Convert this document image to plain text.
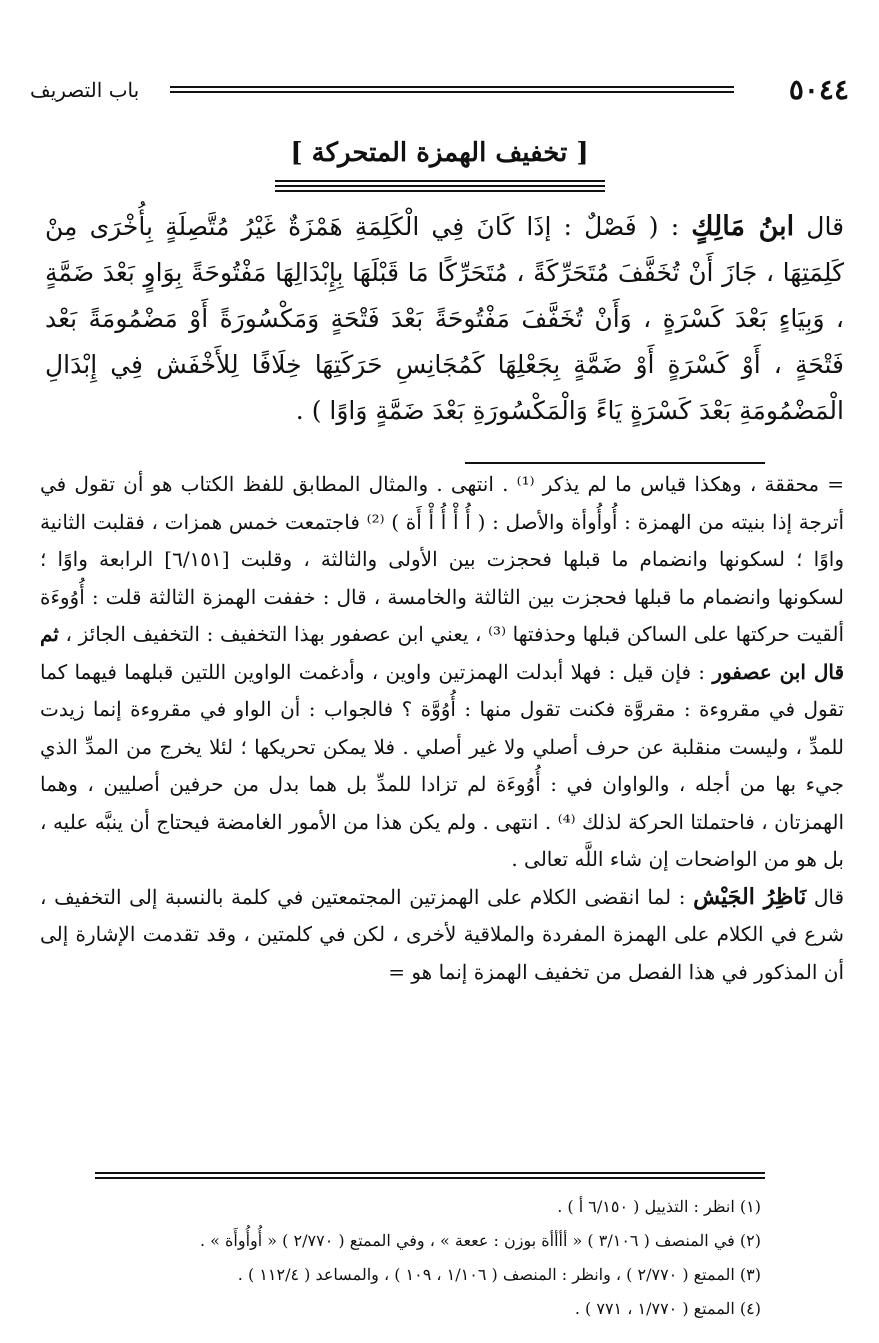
٥٠٤٤
باب التصريف
[ تخفيف الهمزة المتحركة ]
قال ابنُ مَالِكٍ : ( فَصْلٌ : إذَا كَانَ فِي الْكَلِمَةِ هَمْزَةٌ غَيْرُ مُتَّصِلَةٍ بِأُخْرَى مِنْ كَلِمَتِهَا ، جَازَ أَنْ تُخَفَّفَ مُتَحَرِّكَةً ، مُتَحَرِّكًا مَا قَبْلَهَا بِإِبْدَالِهَا مَفْتُوحَةً بِوَاوٍ بَعْدَ ضَمَّةٍ ، وَبِيَاءٍ بَعْدَ كَسْرَةٍ ، وَأَنْ تُخَفَّفَ مَفْتُوحَةً بَعْدَ فَتْحَةٍ وَمَكْسُورَةً أَوْ مَضْمُومَةً بَعْد فَتْحَةٍ ، أَوْ كَسْرَةٍ أَوْ ضَمَّةٍ بِجَعْلِهَا كَمُجَانِسِ حَرَكَتِهَا خِلَافًا لِلأَخْفَش فِي إِبْدَالِ الْمَضْمُومَةِ بَعْدَ كَسْرَةٍ يَاءً وَالْمَكْسُورَةِ بَعْدَ ضَمَّةٍ وَاوًا ) .

= محققة ، وهكذا قياس ما لم يذكر ⁽¹⁾ . انتهى . والمثال المطابق للفظ الكتاب هو أن تقول في أترجة إذا بنيته من الهمزة : أُوأُوأة والأصل : ( أُ أْ أُ أْ أَة ) ⁽²⁾ فاجتمعت خمس همزات ، فقلبت الثانية واوًا ؛ لسكونها وانضمام ما قبلها فحجزت بين الأولى والثالثة ، وقلبت [٦/١٥١] الرابعة واوًا ؛ لسكونها وانضمام ما قبلها فحجزت بين الثالثة والخامسة ، قال : خففت الهمزة الثالثة قلت : أُوُوءَة ألقيت حركتها على الساكن قبلها وحذفتها ⁽³⁾ ، يعني ابن عصفور بهذا التخفيف : التخفيف الجائز ، ثم قال ابن عصفور : فإن قيل : فهلا أبدلت الهمزتين واوين ، وأدغمت الواوين اللتين قبلهما فيهما كما تقول في مقروءة : مقروَّة فكنت تقول منها : أُوُوَّة ؟ فالجواب : أن الواو في مقروءة إنما زيدت للمدِّ ، وليست منقلبة عن حرف أصلي ولا غير أصلي . فلا يمكن تحريكها ؛ لئلا يخرج من المدِّ الذي جيء بها من أجله ، والواوان في : أُوُوءَة لم تزادا للمدِّ بل هما بدل من حرفين أصليين ، وهما الهمزتان ، فاحتملتا الحركة لذلك ⁽⁴⁾ . انتهى . ولم يكن هذا من الأمور الغامضة فيحتاج أن ينبَّه عليه ، بل هو من الواضحات إن شاء اللَّه تعالى .

قال نَاظِرُ الجَيْش : لما انقضى الكلام على الهمزتين المجتمعتين في كلمة بالنسبة إلى التخفيف ، شرع في الكلام على الهمزة المفردة والملاقية لأخرى ، لكن في كلمتين ، وقد تقدمت الإشارة إلى أن المذكور في هذا الفصل من تخفيف الهمزة إنما هو =

(١) انظر : التذييل ( ٦/١٥٠ أ ) .
(٢) في المنصف ( ٣/١٠٦ ) « أأأأة بوزن : عععة » ، وفي الممتع ( ٢/٧٧٠ ) « أُوأُوأَة » .
(٣) الممتع ( ٢/٧٧٠ ) ، وانظر : المنصف ( ١/١٠٦ ، ١٠٩ ) ، والمساعد ( ١١٢/٤ ) .
(٤) الممتع ( ١/٧٧٠ ، ٧٧١ ) .
